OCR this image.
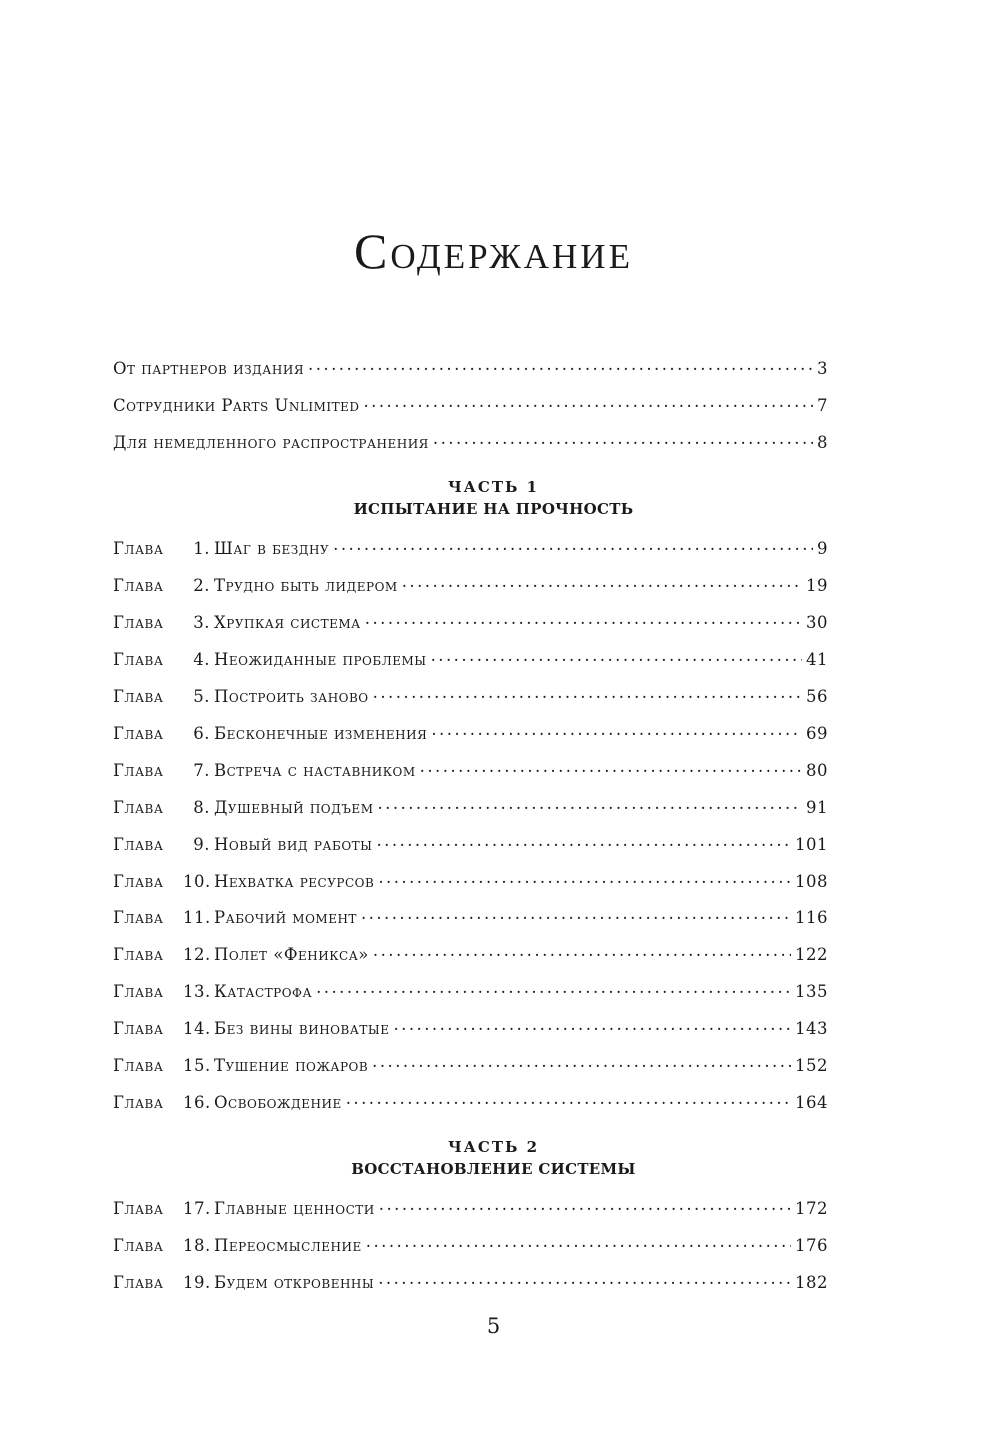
Содержание
От партнеров издания . . .	3
Сотрудники Parts Unlimited . . .	7
Для немедленного распространения . . .	8
Глава	1. Шаг в бездну . . .	9
Глава	2. Трудно быть лидером . . .	19
Глава	3. Хрупкая система . . .	30
Глава	4. Неожиданные проблемы . . .	41
Глава	5. Построить заново . . .	56
Глава	6. Бесконечные изменения . . .	69
Глава	7. Встреча с наставником . . .	80
Глава	8. Душевный подъем . . .	91
Глава	9. Новый вид работы . . .	101
Глава	10. Нехватка ресурсов . . .	108
Глава	11. Рабочий момент . . .	116
Глава	12. Полет «Феникса» . . .	122
Глава	13. Катастрофа . . .	135
Глава	14. Без вины виноватые . . .	143
Глава	15. Тушение пожаров . . .	152
Глава	16. Освобождение . . .	164
Глава	17. Главные ценности . . .	172
Глава	18. Переосмысление . . .	176
Глава	19. Будем откровенны . . .	182
ЧАСТЬ 1
ИСПЫТАНИЕ НА ПРОЧНОСТЬ
ЧАСТЬ 2
ВОССТАНОВЛЕНИЕ СИСТЕМЫ
5
